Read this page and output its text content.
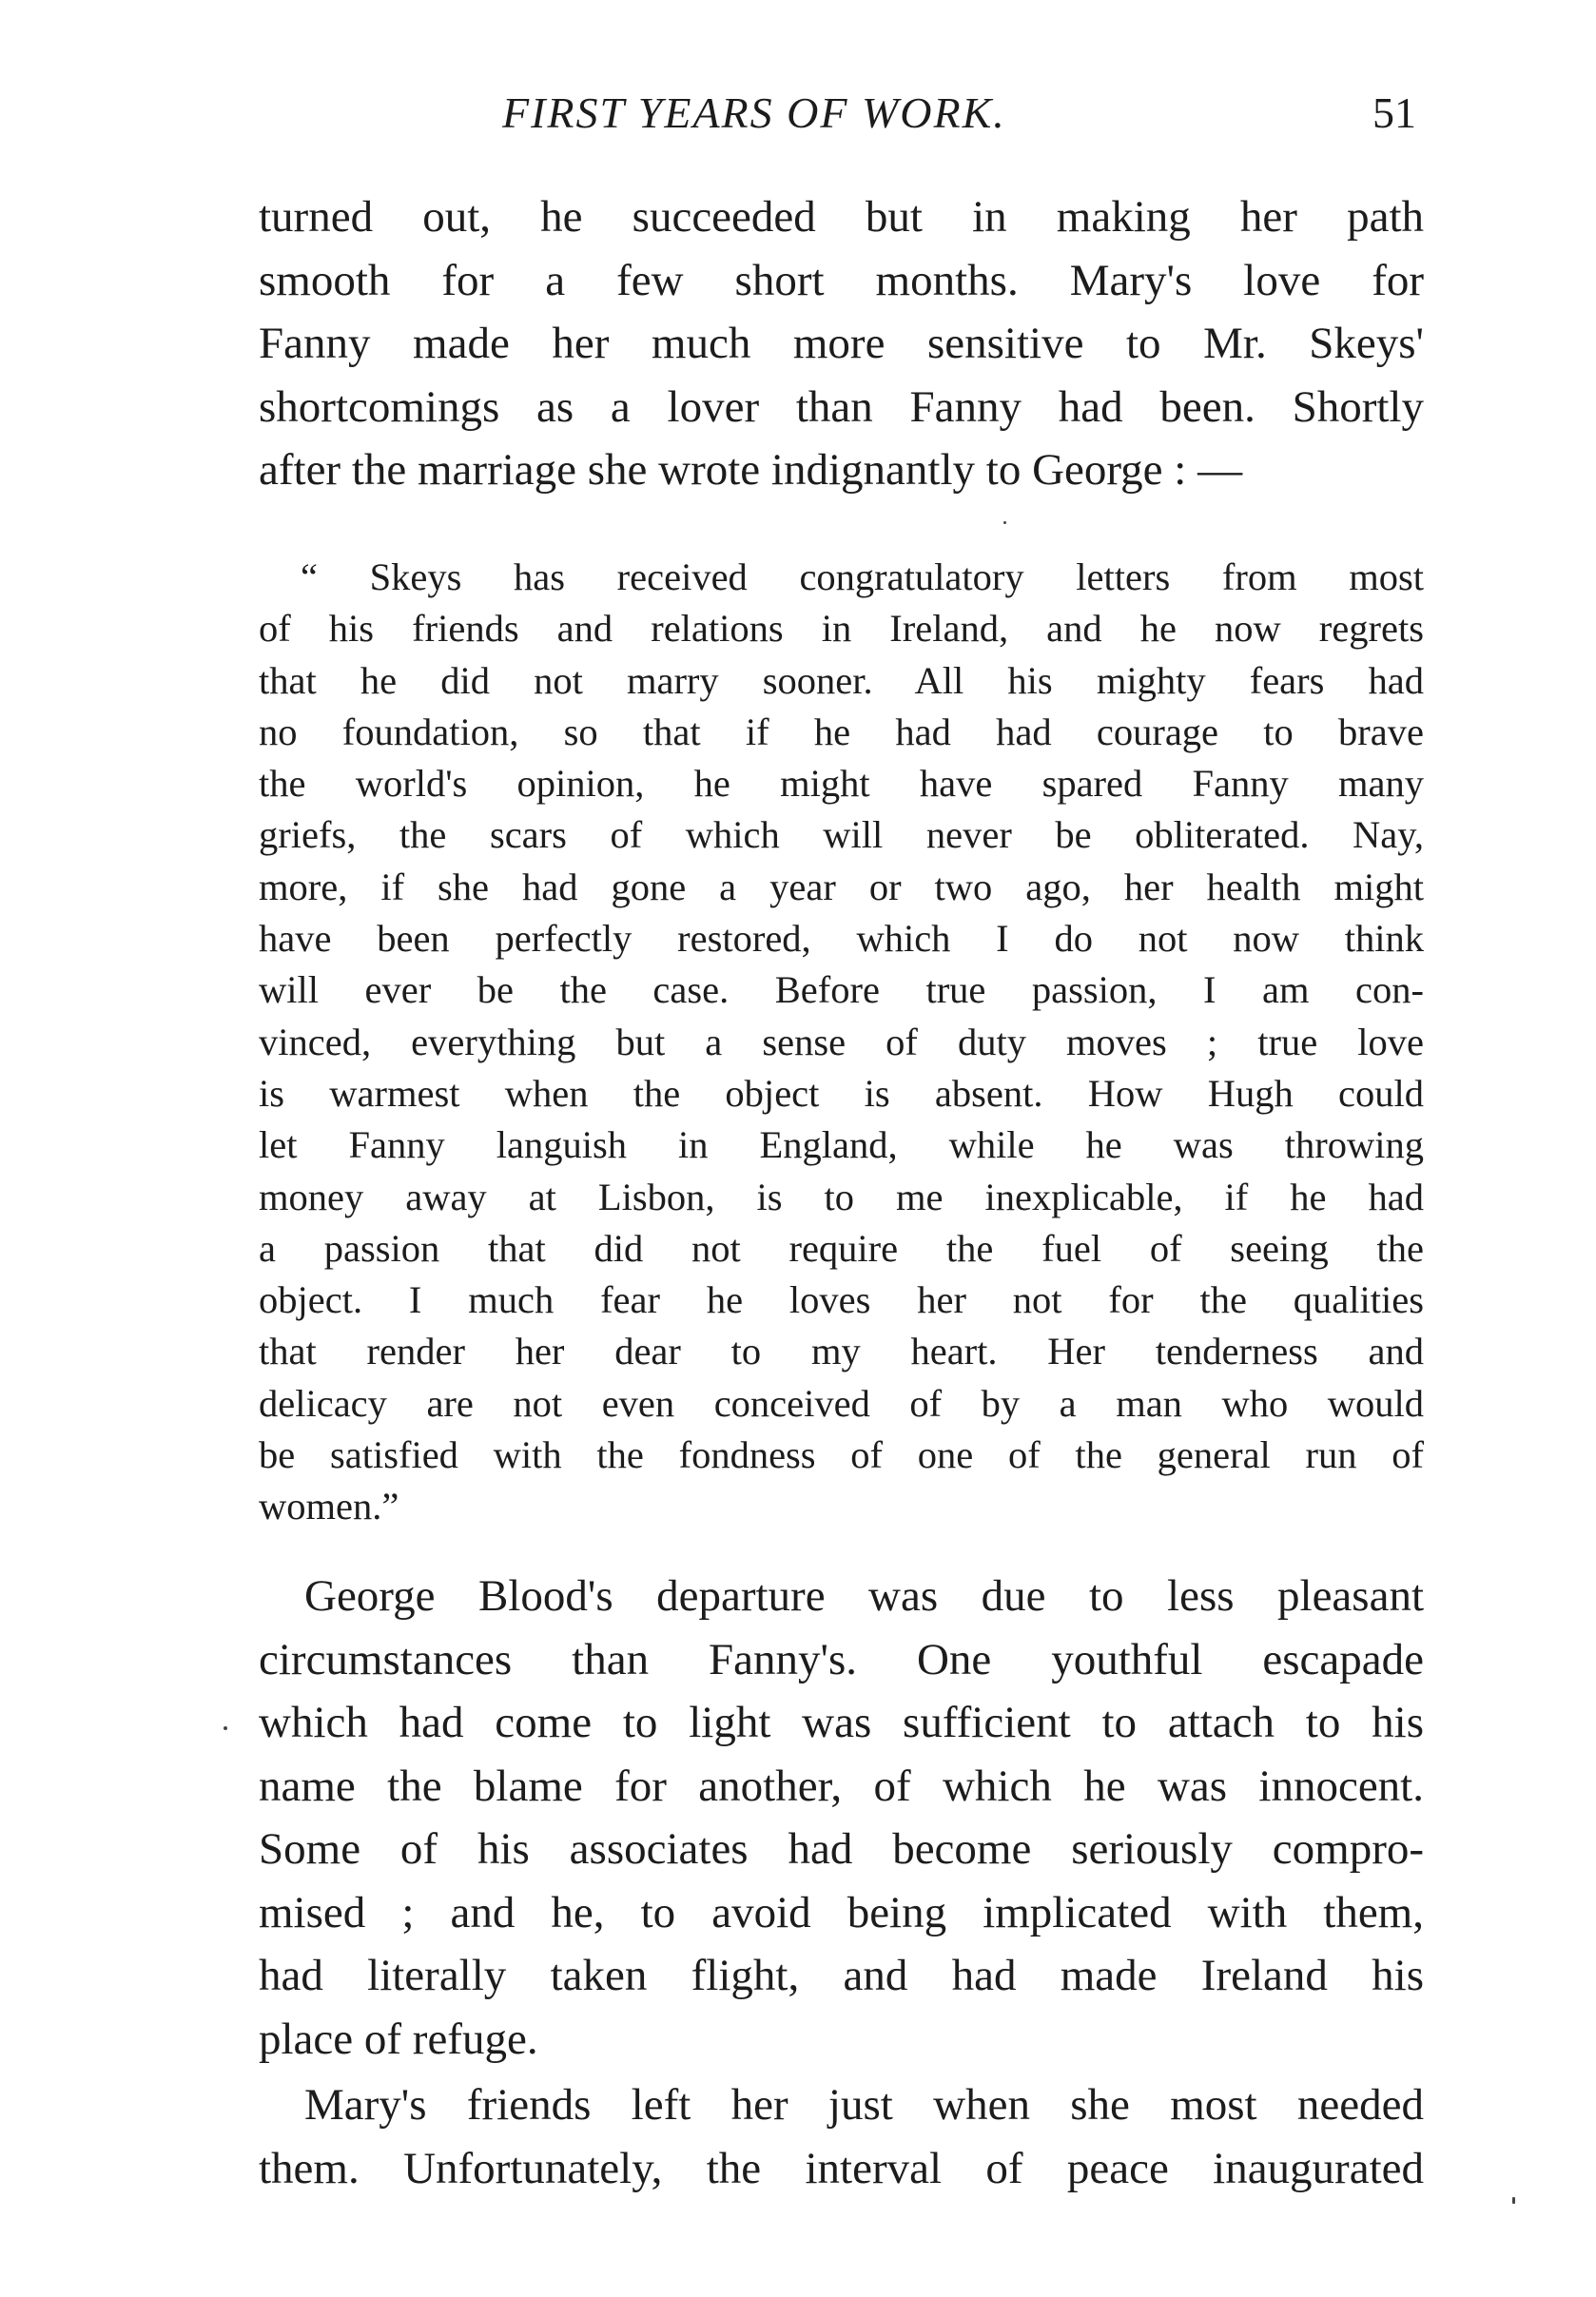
FIRST YEARS OF WORK.	51
turned out, he succeeded but in making her path
smooth for a few short months. Mary's love for
Fanny made her much more sensitive to Mr. Skeys'
shortcomings as a lover than Fanny had been. Shortly
after the marriage she wrote indignantly to George : —
“ Skeys has received congratulatory letters from most
of his friends and relations in Ireland, and he now regrets
that he did not marry sooner. All his mighty fears had
no foundation, so that if he had had courage to brave
the world's opinion, he might have spared Fanny many
griefs, the scars of which will never be obliterated. Nay,
more, if she had gone a year or two ago, her health might
have been perfectly restored, which I do not now think
will ever be the case. Before true passion, I am con-
vinced, everything but a sense of duty moves ; true love
is warmest when the object is absent. How Hugh could
let Fanny languish in England, while he was throwing
money away at Lisbon, is to me inexplicable, if he had
a passion that did not require the fuel of seeing the
object. I much fear he loves her not for the qualities
that render her dear to my heart. Her tenderness and
delicacy are not even conceived of by a man who would
be satisfied with the fondness of one of the general run of
women.”
George Blood's departure was due to less pleasant
circumstances than Fanny's. One youthful escapade
which had come to light was sufficient to attach to his
name the blame for another, of which he was innocent.
Some of his associates had become seriously compro-
mised ; and he, to avoid being implicated with them,
had literally taken flight, and had made Ireland his
place of refuge.
Mary's friends left her just when she most needed
them. Unfortunately, the interval of peace inaugurated
